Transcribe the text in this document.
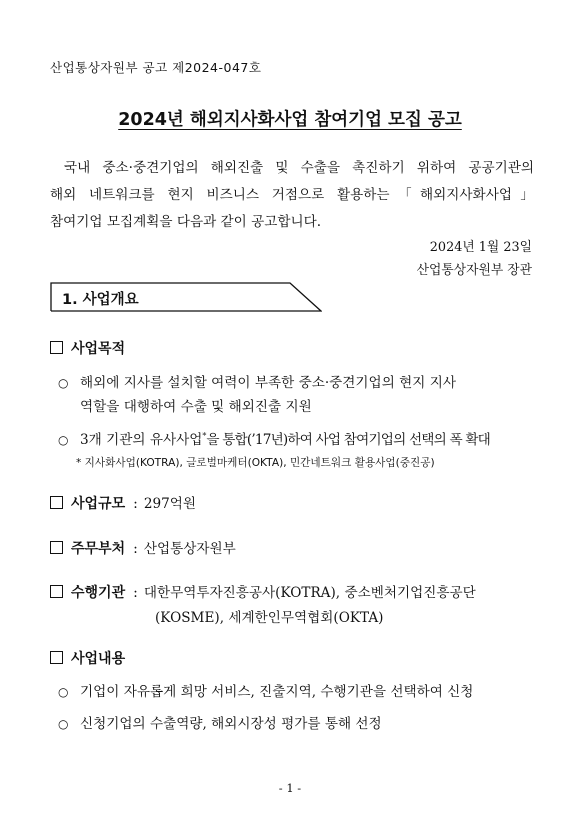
산업통상자원부 공고 제2024-047호
2024년 해외지사화사업 참여기업 모집 공고
국내 중소·중견기업의 해외진출 및 수출을 촉진하기 위하여 공공기관의
해외 네트워크를 현지 비즈니스 거점으로 활용하는「해외지사화사업」
참여기업 모집계획을 다음과 같이 공고합니다.
2024년 1월 23일
산업통상자원부 장관
1. 사업개요
사업목적
○ 해외에 지사를 설치할 여력이 부족한 중소·중견기업의 현지 지사
역할을 대행하여 수출 및 해외진출 지원
○ 3개 기관의 유사사업*을 통합(’17년)하여 사업 참여기업의 선택의 폭 확대
* 지사화사업(KOTRA), 글로벌마케터(OKTA), 민간네트워크 활용사업(중진공)
사업규모 : 297억원
주무부처 : 산업통상자원부
수행기관 : 대한무역투자진흥공사(KOTRA), 중소벤처기업진흥공단
(KOSME), 세계한인무역협회(OKTA)
사업내용
○ 기업이 자유롭게 희망 서비스, 진출지역, 수행기관을 선택하여 신청
○ 신청기업의 수출역량, 해외시장성 평가를 통해 선정
- 1 -
